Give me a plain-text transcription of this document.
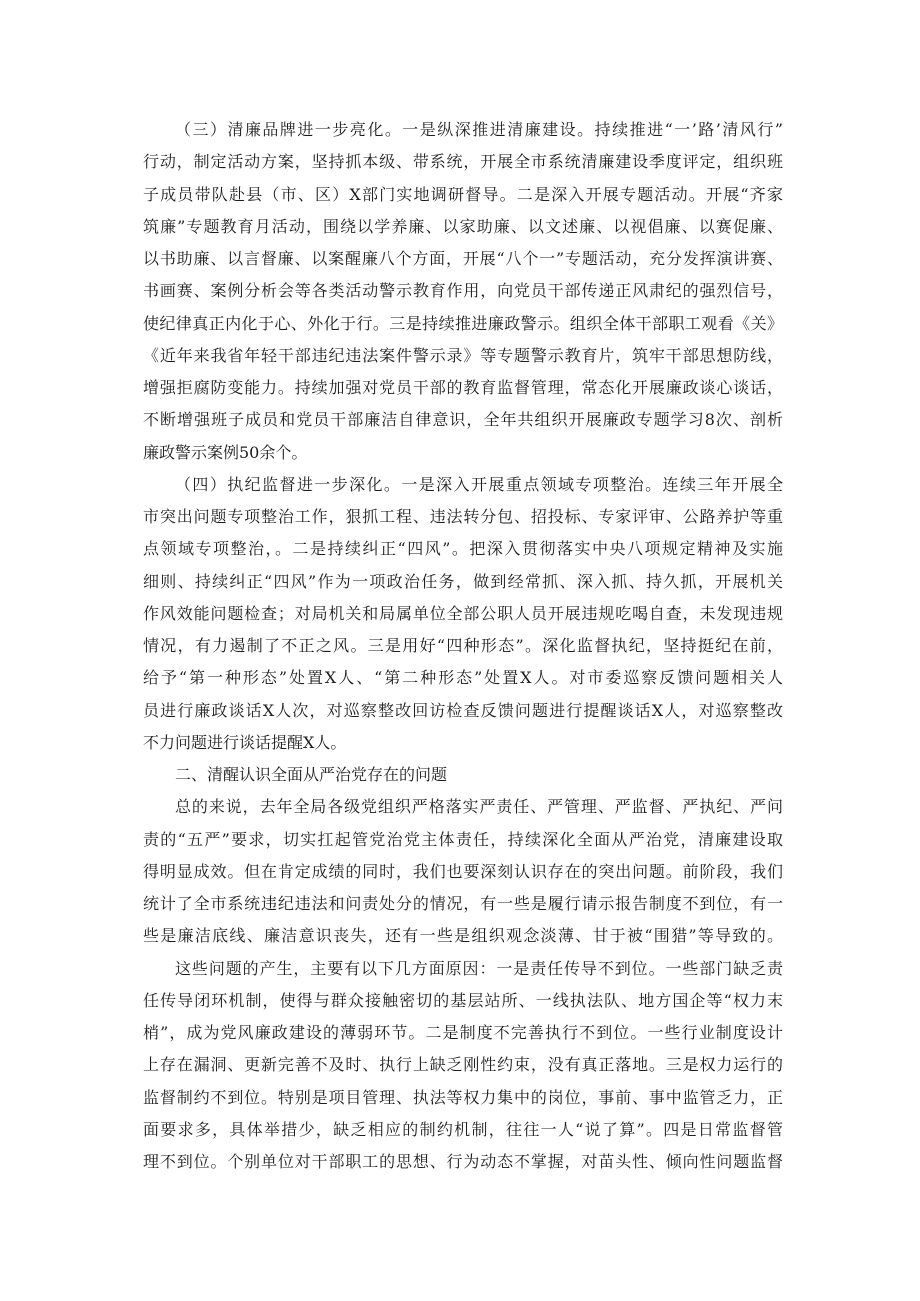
（三）清廉品牌进一步亮化。一是纵深推进清廉建设。持续推进“一’路’清风行”
行动，制定活动方案，坚持抓本级、带系统，开展全市系统清廉建设季度评定，组织班
子成员带队赴县（市、区）X部门实地调研督导。二是深入开展专题活动。开展“齐家
筑廉”专题教育月活动，围绕以学养廉、以家助廉、以文述廉、以视倡廉、以赛促廉、
以书助廉、以言督廉、以案醒廉八个方面，开展“八个一”专题活动，充分发挥演讲赛、
书画赛、案例分析会等各类活动警示教育作用，向党员干部传递正风肃纪的强烈信号，
使纪律真正内化于心、外化于行。三是持续推进廉政警示。组织全体干部职工观看《关》
《近年来我省年轻干部违纪违法案件警示录》等专题警示教育片，筑牢干部思想防线，
增强拒腐防变能力。持续加强对党员干部的教育监督管理，常态化开展廉政谈心谈话，
不断增强班子成员和党员干部廉洁自律意识，全年共组织开展廉政专题学习8次、剖析
廉政警示案例50余个。
（四）执纪监督进一步深化。一是深入开展重点领域专项整治。连续三年开展全
市突出问题专项整治工作，狠抓工程、违法转分包、招投标、专家评审、公路养护等重
点领域专项整治，。二是持续纠正“四风”。把深入贯彻落实中央八项规定精神及实施
细则、持续纠正“四风”作为一项政治任务，做到经常抓、深入抓、持久抓，开展机关
作风效能问题检查；对局机关和局属单位全部公职人员开展违规吃喝自查，未发现违规
情况，有力遏制了不正之风。三是用好“四种形态”。深化监督执纪，坚持挺纪在前，
给予“第一种形态”处置X人、“第二种形态”处置X人。对市委巡察反馈问题相关人
员进行廉政谈话X人次，对巡察整改回访检查反馈问题进行提醒谈话X人，对巡察整改
不力问题进行谈话提醒X人。
二、清醒认识全面从严治党存在的问题
总的来说，去年全局各级党组织严格落实严责任、严管理、严监督、严执纪、严问
责的“五严”要求，切实扛起管党治党主体责任，持续深化全面从严治党，清廉建设取
得明显成效。但在肯定成绩的同时，我们也要深刻认识存在的突出问题。前阶段，我们
统计了全市系统违纪违法和问责处分的情况，有一些是履行请示报告制度不到位，有一
些是廉洁底线、廉洁意识丧失，还有一些是组织观念淡薄、甘于被“围猎”等导致的。
这些问题的产生，主要有以下几方面原因：一是责任传导不到位。一些部门缺乏责
任传导闭环机制，使得与群众接触密切的基层站所、一线执法队、地方国企等“权力末
梢”，成为党风廉政建设的薄弱环节。二是制度不完善执行不到位。一些行业制度设计
上存在漏洞、更新完善不及时、执行上缺乏刚性约束，没有真正落地。三是权力运行的
监督制约不到位。特别是项目管理、执法等权力集中的岗位，事前、事中监管乏力，正
面要求多，具体举措少，缺乏相应的制约机制，往往一人“说了算”。四是日常监督管
理不到位。个别单位对干部职工的思想、行为动态不掌握，对苗头性、倾向性问题监督
